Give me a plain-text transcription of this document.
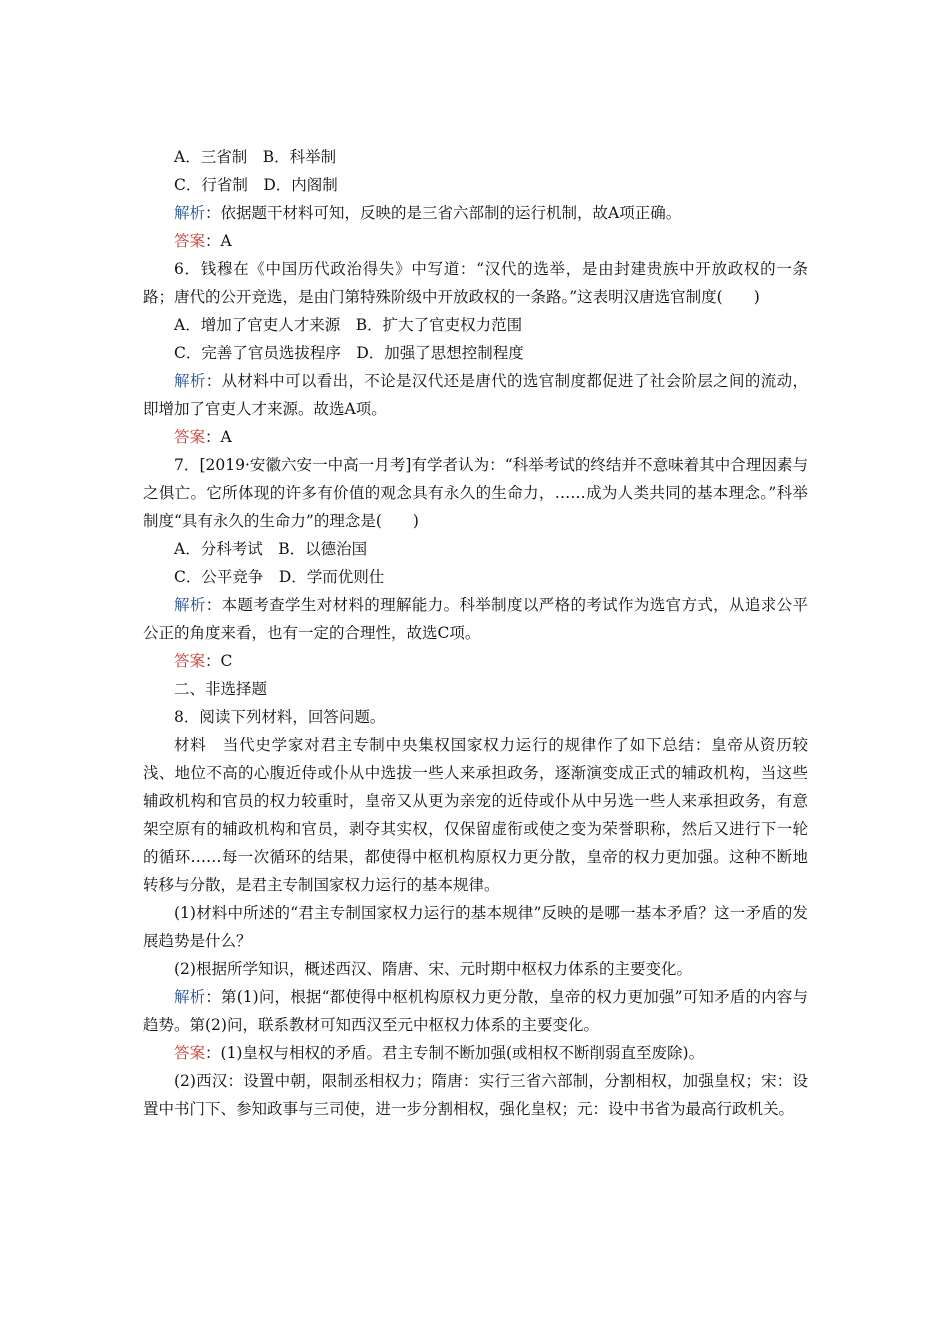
A．三省制　B．科举制
C．行省制　D．内阁制
解析：依据题干材料可知，反映的是三省六部制的运行机制，故A项正确。
答案：A
6．钱穆在《中国历代政治得失》中写道：“汉代的选举，是由封建贵族中开放政权的一条路；唐代的公开竞选，是由门第特殊阶级中开放政权的一条路。”这表明汉唐选官制度(　　)
A．增加了官吏人才来源　B．扩大了官吏权力范围
C．完善了官员选拔程序　D．加强了思想控制程度
解析：从材料中可以看出，不论是汉代还是唐代的选官制度都促进了社会阶层之间的流动，即增加了官吏人才来源。故选A项。
答案：A
7．[2019·安徽六安一中高一月考]有学者认为：“科举考试的终结并不意味着其中合理因素与之俱亡。它所体现的许多有价值的观念具有永久的生命力，……成为人类共同的基本理念。”科举制度“具有永久的生命力”的理念是(　　)
A．分科考试　B．以德治国
C．公平竞争　D．学而优则仕
解析：本题考查学生对材料的理解能力。科举制度以严格的考试作为选官方式，从追求公平公正的角度来看，也有一定的合理性，故选C项。
答案：C
二、非选择题
8．阅读下列材料，回答问题。
材料　当代史学家对君主专制中央集权国家权力运行的规律作了如下总结：皇帝从资历较浅、地位不高的心腹近侍或仆从中选拔一些人来承担政务，逐渐演变成正式的辅政机构，当这些辅政机构和官员的权力较重时，皇帝又从更为亲宠的近侍或仆从中另选一些人来承担政务，有意架空原有的辅政机构和官员，剥夺其实权，仅保留虚衔或使之变为荣誉职称，然后又进行下一轮的循环……每一次循环的结果，都使得中枢机构原权力更分散，皇帝的权力更加强。这种不断地转移与分散，是君主专制国家权力运行的基本规律。
(1)材料中所述的“君主专制国家权力运行的基本规律”反映的是哪一基本矛盾？这一矛盾的发展趋势是什么？
(2)根据所学知识，概述西汉、隋唐、宋、元时期中枢权力体系的主要变化。
解析：第(1)问，根据“都使得中枢机构原权力更分散，皇帝的权力更加强”可知矛盾的内容与趋势。第(2)问，联系教材可知西汉至元中枢权力体系的主要变化。
答案：(1)皇权与相权的矛盾。君主专制不断加强(或相权不断削弱直至废除)。
(2)西汉：设置中朝，限制丞相权力；隋唐：实行三省六部制，分割相权，加强皇权；宋：设置中书门下、参知政事与三司使，进一步分割相权，强化皇权；元：设中书省为最高行政机关。
